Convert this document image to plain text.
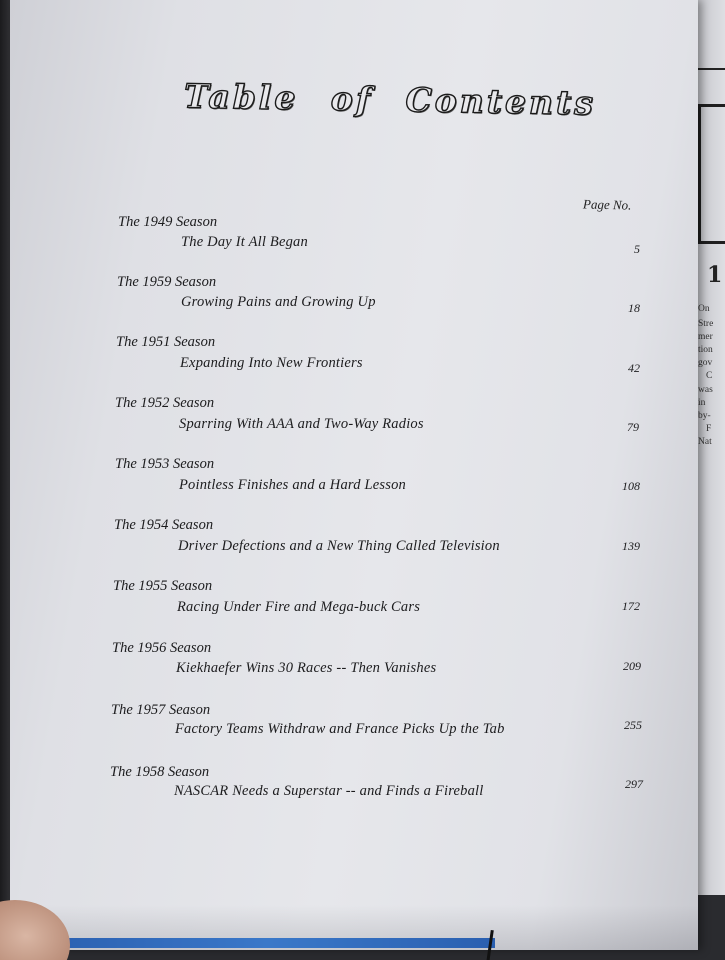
1
On
Stre
mer
tion
gov
C
was
in
by-
F
Nat
Table of Contents
Page No.
The 1949 Season
The Day It All Began	5
The 1959 Season
Growing Pains and Growing Up	18
The 1951 Season
Expanding Into New Frontiers	42
The 1952 Season
Sparring With AAA and Two-Way Radios	79
The 1953 Season
Pointless Finishes and a Hard Lesson	108
The 1954 Season
Driver Defections and a New Thing Called Television	139
The 1955 Season
Racing Under Fire and Mega-buck Cars	172
The 1956 Season
Kiekhaefer Wins 30 Races -- Then Vanishes	209
The 1957 Season
Factory Teams Withdraw and France Picks Up the Tab	255
The 1958 Season
NASCAR Needs a Superstar -- and Finds a Fireball	297
